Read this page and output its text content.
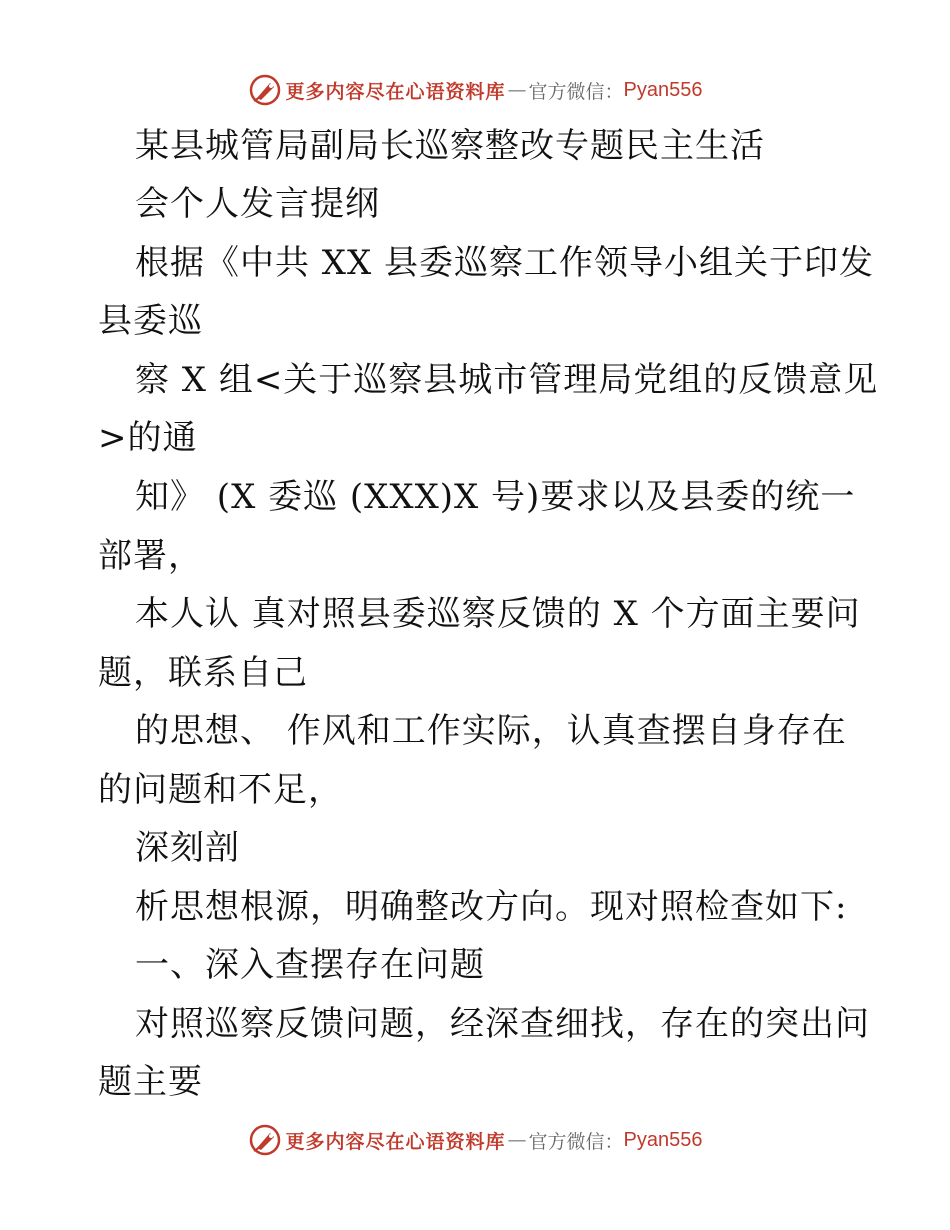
更多内容尽在心语资料库 — 官方微信： Pyan556
某县城管局副局长巡察整改专题民主生活
会个人发言提纲
根据《中共 XX 县委巡察工作领导小组关于印发
县委巡
察 X 组<关于巡察县城市管理局党组的反馈意见
>的通
知》 (X 委巡 (XXX)X 号)要求以及县委的统一
部署，
本人认 真对照县委巡察反馈的 X 个方面主要问
题，联系自己
的思想、 作风和工作实际，认真查摆自身存在
的问题和不足，
深刻剖
析思想根源，明确整改方向。现对照检查如下:
一、深入查摆存在问题
对照巡察反馈问题，经深查细找，存在的突出问
题主要
更多内容尽在心语资料库 — 官方微信： Pyan556
